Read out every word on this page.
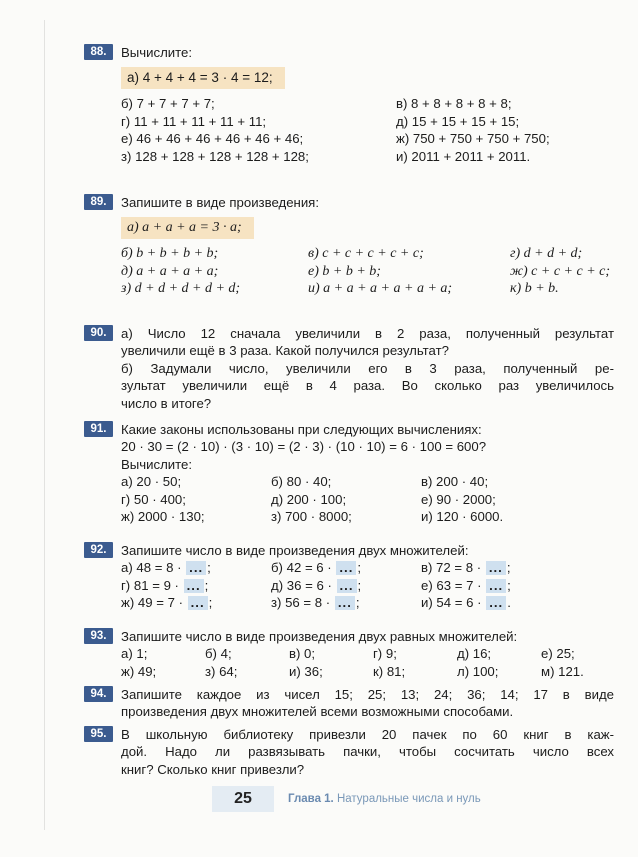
88.	Вычислите:
а) 4 + 4 + 4 = 3 · 4 = 12;
б) 7 + 7 + 7 + 7;	в) 8 + 8 + 8 + 8 + 8;
г) 11 + 11 + 11 + 11 + 11;	д) 15 + 15 + 15 + 15;
е) 46 + 46 + 46 + 46 + 46 + 46;	ж) 750 + 750 + 750 + 750;
з) 128 + 128 + 128 + 128 + 128;	и) 2011 + 2011 + 2011.
89.	Запишите в виде произведения:
а) a + a + a = 3 · a;
б) b + b + b + b;	в) c + c + c + c + c;	г) d + d + d;
д) a + a + a + a;	е) b + b + b;	ж) c + c + c + c;
з) d + d + d + d + d;	и) a + a + a + a + a + a;	к) b + b.
90.	а) Число 12 сначала увеличили в 2 раза, полученный результат
увеличили ещё в 3 раза. Какой получился результат?
б) Задумали число, увеличили его в 3 раза, полученный ре-
зультат увеличили ещё в 4 раза. Во сколько раз увеличилось
число в итоге?
91.	Какие законы использованы при следующих вычислениях:
20 · 30 = (2 · 10) · (3 · 10) = (2 · 3) · (10 · 10) = 6 · 100 = 600?
Вычислите:
а) 20 · 50;	б) 80 · 40;	в) 200 · 40;
г) 50 · 400;	д) 200 · 100;	е) 90 · 2000;
ж) 2000 · 130;	з) 700 · 8000;	и) 120 · 6000.
92.	Запишите число в виде произведения двух множителей:
а) 48 = 8 · ... ;	б) 42 = 6 · ... ;	в) 72 = 8 · ... ;
г) 81 = 9 · ... ;	д) 36 = 6 · ... ;	е) 63 = 7 · ... ;
ж) 49 = 7 · ... ;	з) 56 = 8 · ... ;	и) 54 = 6 · ... .
93.	Запишите число в виде произведения двух равных множителей:
а) 1;	б) 4;	в) 0;	г) 9;	д) 16;	е) 25;
ж) 49;	з) 64;	и) 36;	к) 81;	л) 100;	м) 121.
94.	Запишите каждое из чисел 15; 25; 13; 24; 36; 14; 17 в виде
произведения двух множителей всеми возможными способами.
95.	В школьную библиотеку привезли 20 пачек по 60 книг в каж-
дой. Надо ли развязывать пачки, чтобы сосчитать число всех
книг? Сколько книг привезли?
25	Глава 1. Натуральные числа и нуль
